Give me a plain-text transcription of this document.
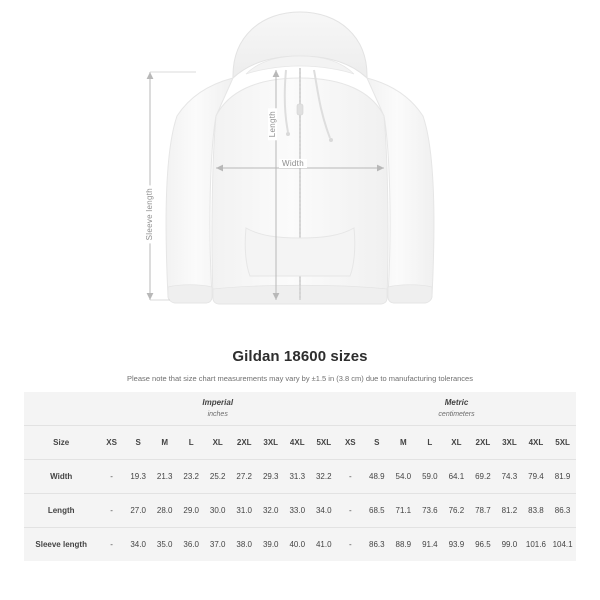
Width
Length
Sleeve length
Gildan 18600 sizes

Please note that size chart measurements may vary by ±1.5 in (3.8 cm) due to manufacturing tolerances

	Imperial
inches									Metric
centimeters								

Size	XS	S	M	L	XL	2XL	3XL	4XL	5XL	XS	S	M	L	XL	2XL	3XL	4XL	5XL
Width	-	19.3	21.3	23.2	25.2	27.2	29.3	31.3	32.2	-	48.9	54.0	59.0	64.1	69.2	74.3	79.4	81.9
Length	-	27.0	28.0	29.0	30.0	31.0	32.0	33.0	34.0	-	68.5	71.1	73.6	76.2	78.7	81.2	83.8	86.3
Sleeve length	-	34.0	35.0	36.0	37.0	38.0	39.0	40.0	41.0	-	86.3	88.9	91.4	93.9	96.5	99.0	101.6	104.1
